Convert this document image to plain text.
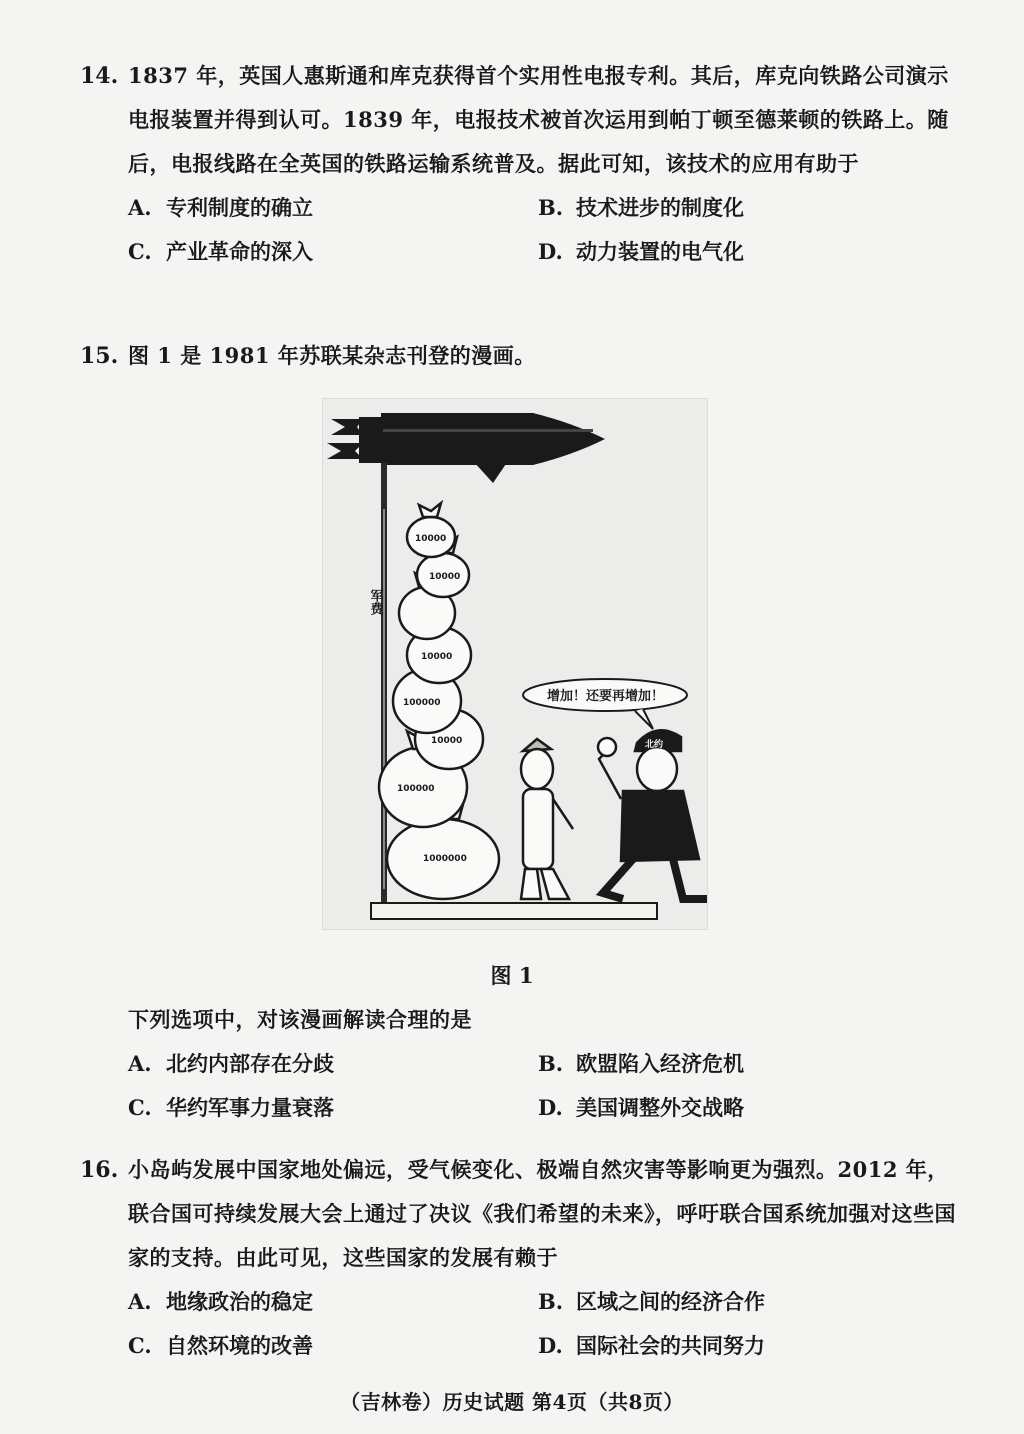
14. 1837 年，英国人惠斯通和库克获得首个实用性电报专利。其后，库克向铁路公司演示电报装置并得到认可。1839 年，电报技术被首次运用到帕丁顿至德莱顿的铁路上。随后，电报线路在全英国的铁路运输系统普及。据此可知，该技术的应用有助于
A. 专利制度的确立	B. 技术进步的制度化
C. 产业革命的深入	D. 动力装置的电气化
15. 图 1 是 1981 年苏联某杂志刊登的漫画。
军费
1000000
100000
10000
100000
10000
10000
10000
增加！还要再增加！
北约
图 1
下列选项中，对该漫画解读合理的是
A. 北约内部存在分歧	B. 欧盟陷入经济危机
C. 华约军事力量衰落	D. 美国调整外交战略
16. 小岛屿发展中国家地处偏远，受气候变化、极端自然灾害等影响更为强烈。2012 年，联合国可持续发展大会上通过了决议《我们希望的未来》，呼吁联合国系统加强对这些国家的支持。由此可见，这些国家的发展有赖于
A. 地缘政治的稳定	B. 区域之间的经济合作
C. 自然环境的改善	D. 国际社会的共同努力
（吉林卷）历史试题 第4页（共8页）
